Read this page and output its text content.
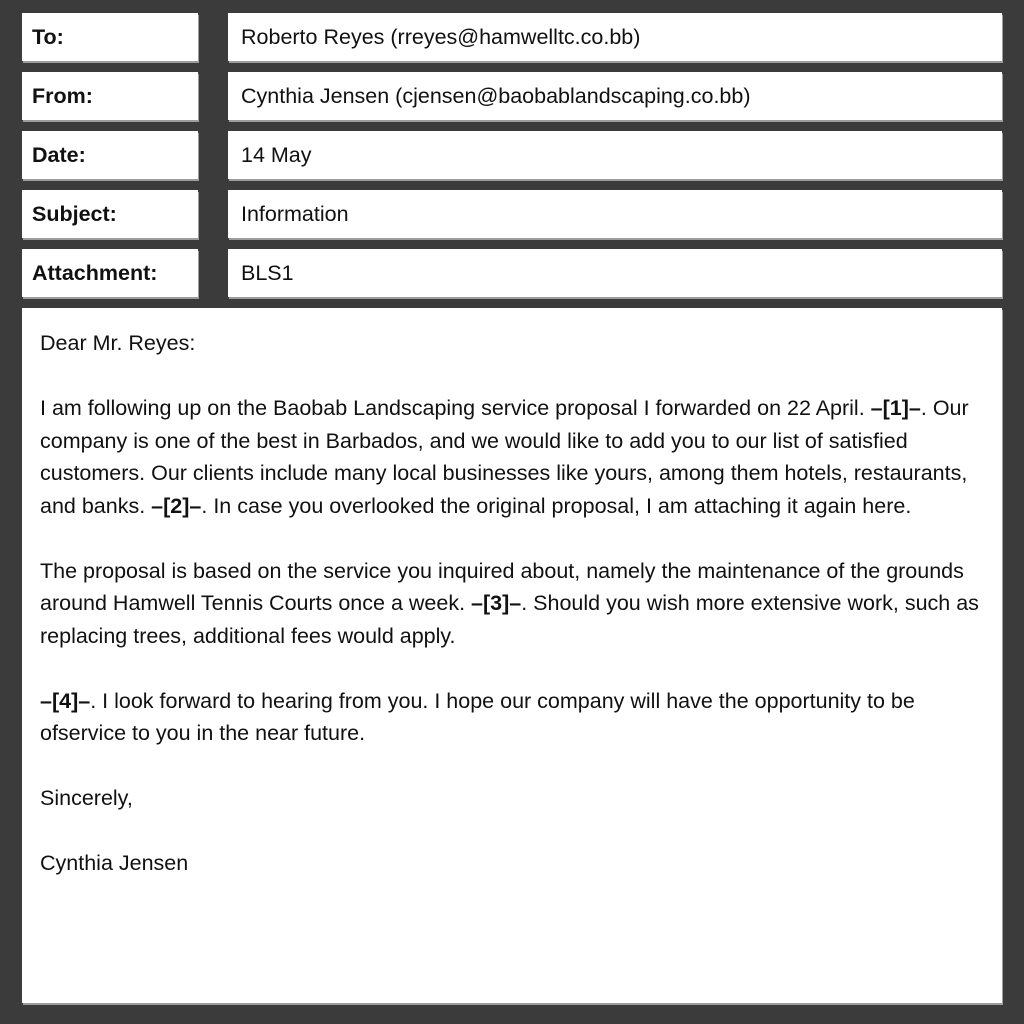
To:	Roberto Reyes (rreyes@hamwelltc.co.bb)
From:	Cynthia Jensen (cjensen@baobablandscaping.co.bb)
Date:	14 May
Subject:	Information
Attachment:	BLS1

Dear Mr. Reyes:

I am following up on the Baobab Landscaping service proposal I forwarded on 22 April. –[1]–. Our company is one of the best in Barbados, and we would like to add you to our list of satisfied customers. Our clients include many local businesses like yours, among them hotels, restaurants, and banks. –[2]–. In case you overlooked the original proposal, I am attaching it again here.

The proposal is based on the service you inquired about, namely the maintenance of the grounds around Hamwell Tennis Courts once a week. –[3]–. Should you wish more extensive work, such as replacing trees, additional fees would apply.

–[4]–. I look forward to hearing from you. I hope our company will have the opportunity to be ofservice to you in the near future.

Sincerely,

Cynthia Jensen
